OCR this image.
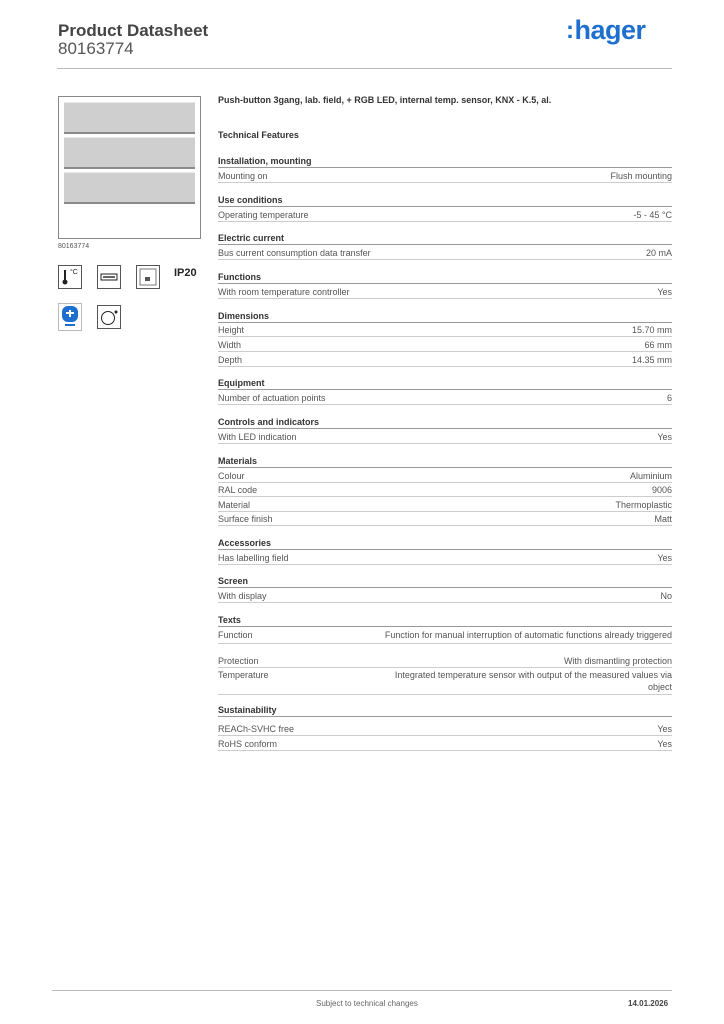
Product Datasheet
80163774
:hager
80163774
°C	IP20
Push-button 3gang, lab. field, + RGB LED, internal temp. sensor, KNX - K.5, al.
Technical Features
Installation, mounting
Mounting on	Flush mounting
Use conditions
Operating temperature	-5 - 45 °C
Electric current
Bus current consumption data transfer	20 mA
Functions
With room temperature controller	Yes
Dimensions
Height	15.70 mm
Width	66 mm
Depth	14.35 mm
Equipment
Number of actuation points	6
Controls and indicators
With LED indication	Yes
Materials
Colour	Aluminium
RAL code	9006
Material	Thermoplastic
Surface finish	Matt
Accessories
Has labelling field	Yes
Screen
With display	No
Texts
Function	Function for manual interruption of automatic functions already triggered
Protection	With dismantling protection
Temperature	Integrated temperature sensor with output of the measured values via object
Sustainability
REACh-SVHC free	Yes
RoHS conform	Yes
Subject to technical changes	14.01.2026
